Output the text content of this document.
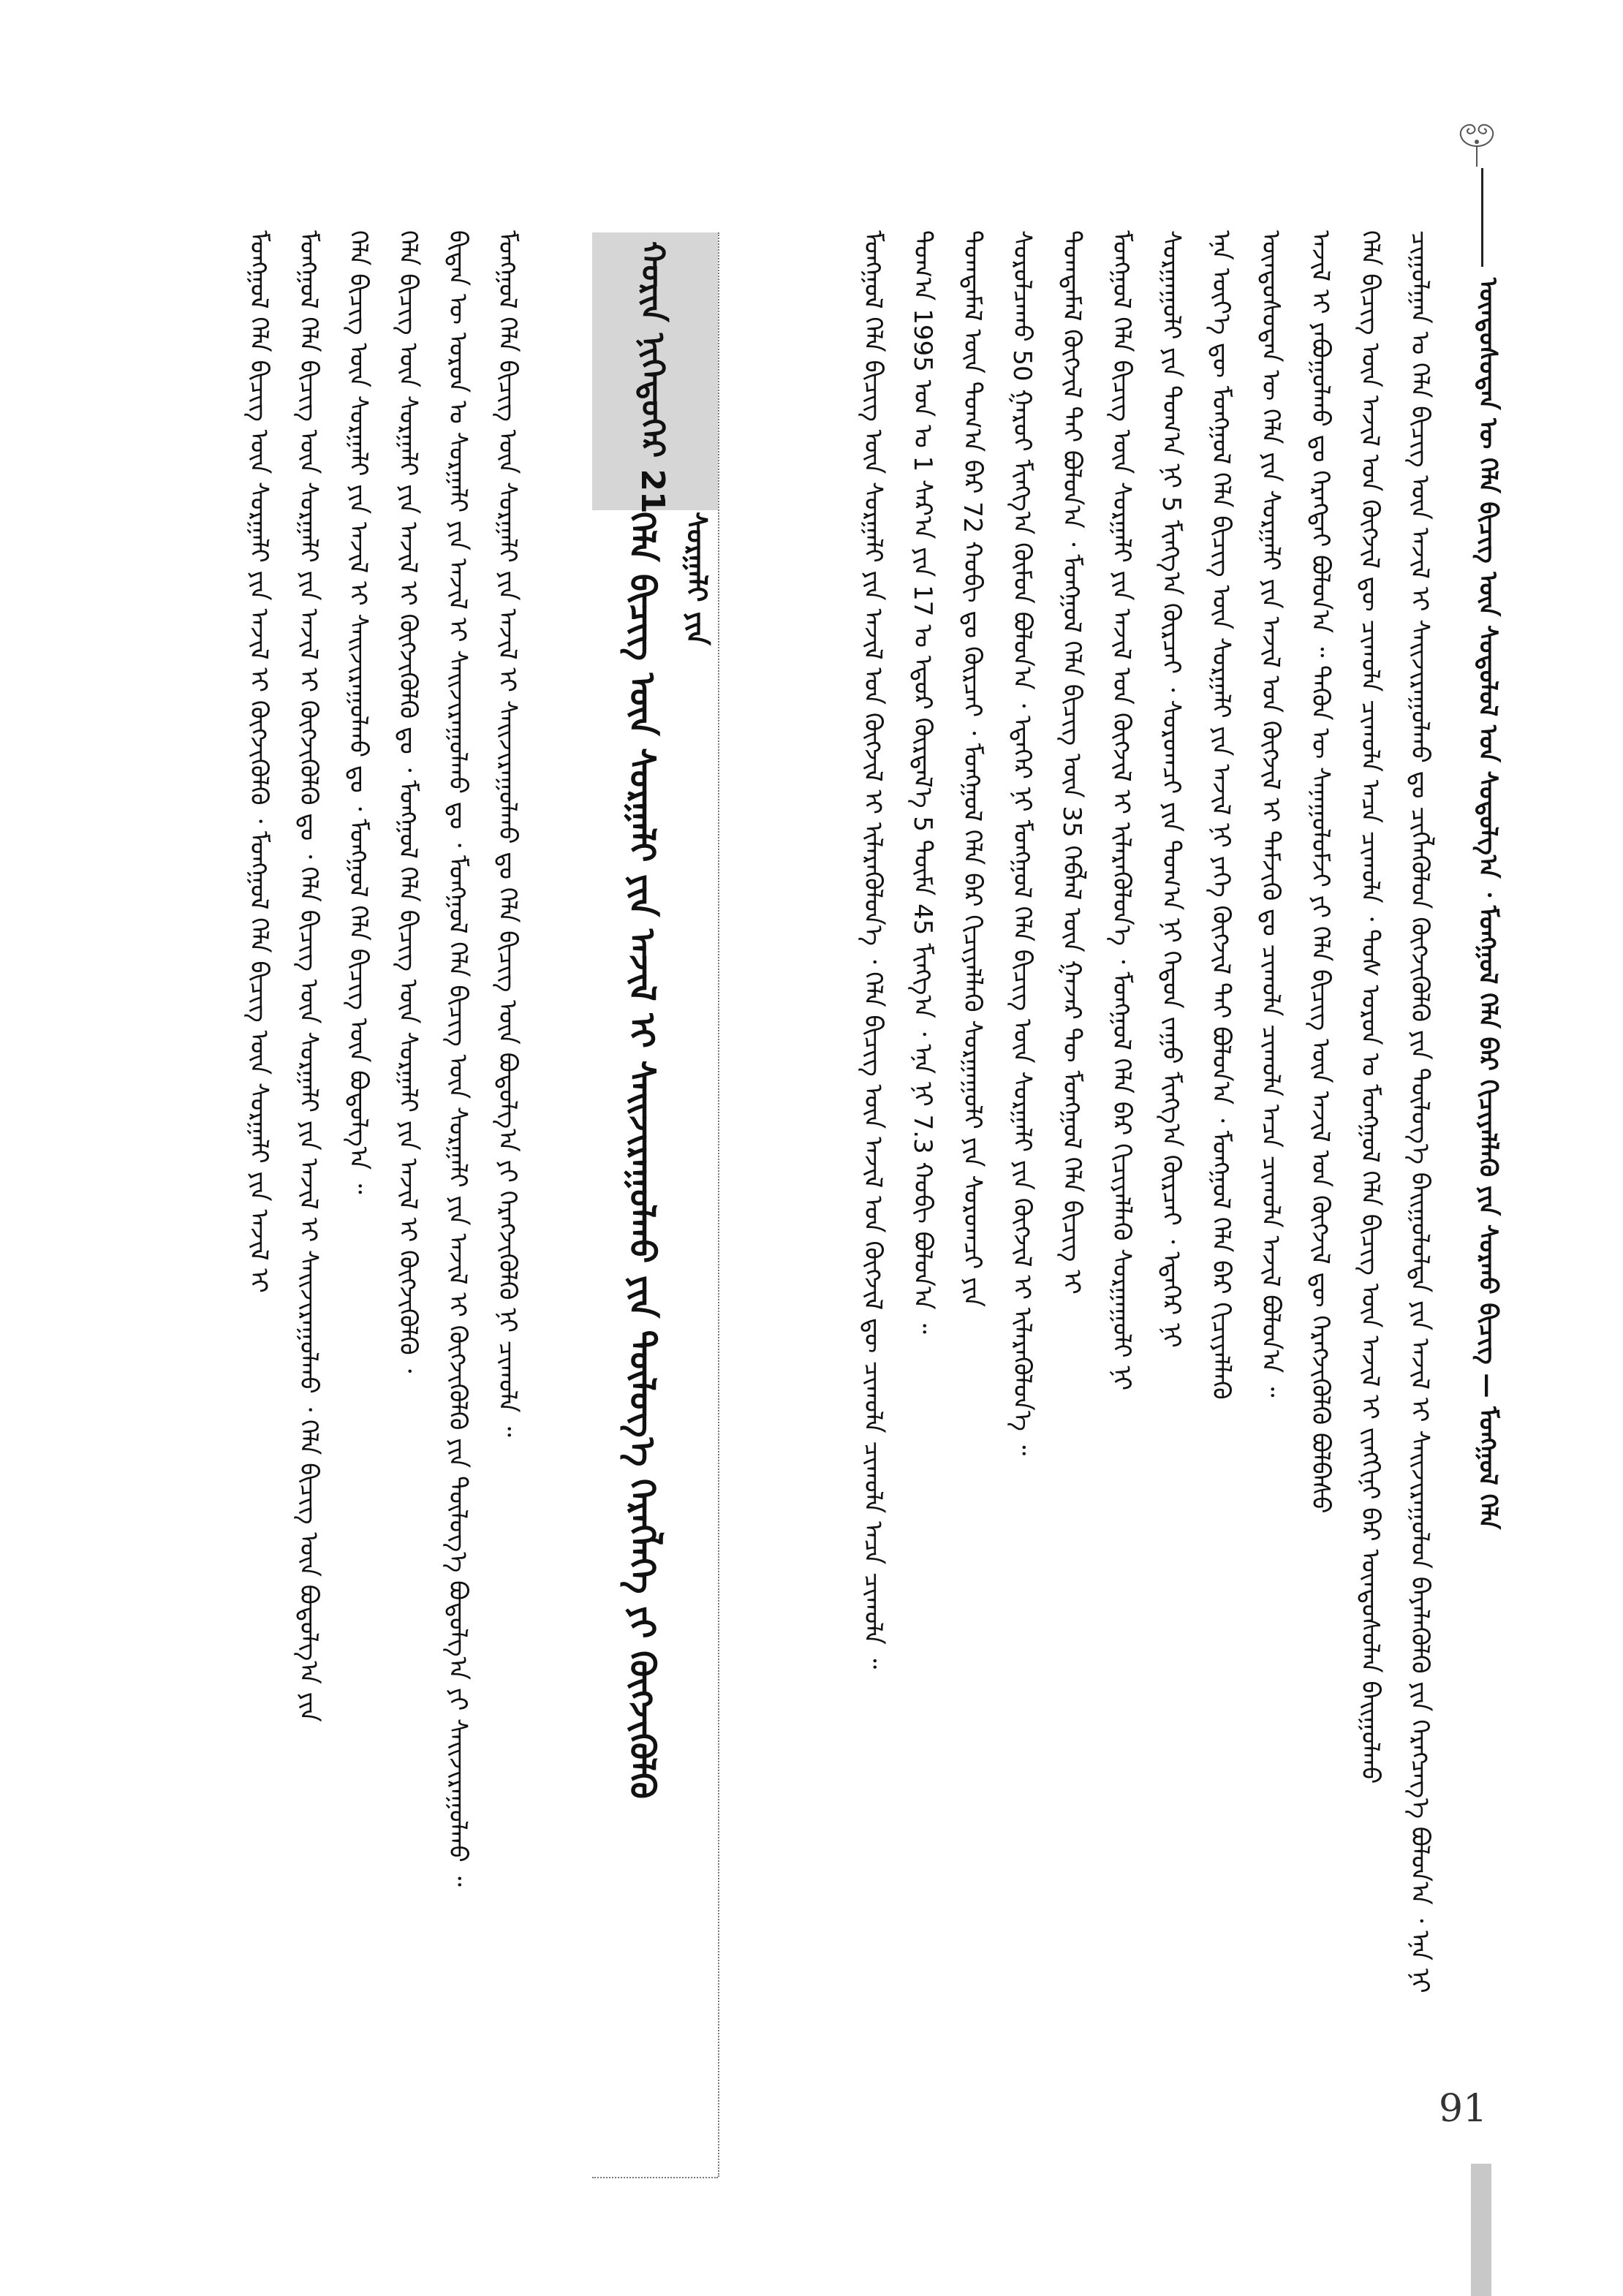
ᠦᠨᠳᠦᠰᠦᠲᠡᠨ ᠦ ᠬᠡᠯᠡ ᠪᠢᠴᠢᠭ᠌ ᠦᠨ ᠰᠤᠳᠤᠯᠤᠯ ᠤᠨ ᠰᠤᠳᠤᠯᠭ᠎ᠠ ᠂ ᠮᠣᠩᠭᠣᠯ ᠬᠡᠯᠡ ᠪᠡᠷ ᠬᠢᠴᠢᠶᠡᠯᠯᠡᠬᠦ ᠶᠢᠨ ᠰᠤᠷᠬᠤ ᠪᠢᠴᠢᠭ᠌ — ᠮᠣᠩᠭᠣᠯ ᠬᠡᠯᠡ
ᠴᠢᠭᠤᠯᠭᠠᠨ ᠤ ᠬᠡᠯᠡ ᠪᠢᠴᠢᠭ᠌ ᠦᠨ ᠠᠵᠢᠯ ᠢ ᠰᠠᠢᠵᠢᠷᠠᠭᠤᠯᠬᠤ ᠳᠤ ᠴᠢᠭᠯᠡᠭᠦᠯᠦᠨ ᠬᠥᠭᠵᠢᠭᠦᠯᠬᠦ ᠶᠢᠨ ᠲᠥᠯᠥᠭ᠎ᠡ ᠪᠠᠢᠭᠤᠯᠤᠯᠲᠠ ᠶᠢᠨ ᠠᠵᠢᠯ ᠢ ᠰᠠᠢᠵᠢᠷᠠᠭᠤᠯᠤᠨ ᠪᠡᠶᠡᠯᠡᠭᠦᠯᠬᠦ ᠶᠢᠨ ᠬᠡᠷᠡᠭᠴᠡᠭ᠎ᠡ ᠪᠣᠯᠤᠨ᠎ᠠ ᠂ ᠡᠨᠡ ᠨᠢ
ᠬᠡᠯᠡ ᠪᠢᠴᠢᠭ᠌ ᠦᠨ ᠠᠵᠢᠯ ᠤᠨ ᠬᠥᠭᠵᠢᠯ ᠳᠦ ᠴᠢᠬᠤᠯᠠ ᠴᠢᠬᠤᠯᠠ ᠠᠴᠠ ᠴᠢᠬᠤᠯᠠ ᠂ ᠲᠤᠰ ᠣᠷᠤᠨ ᠤ ᠮᠣᠩᠭᠣᠯ ᠬᠡᠯᠡ ᠪᠢᠴᠢᠭ᠌ ᠦᠨ ᠠᠵᠢᠯ ᠢ ᠵᠢᠩᠬᠢᠨᠢ ᠪᠡᠷ ᠦᠨᠳᠦᠰᠦᠯᠡᠨ ᠪᠠᠢᠭᠤᠯᠬᠤ
ᠠᠵᠢᠯ ᠢ ᠶᠠᠪᠤᠭᠤᠯᠬᠤ ᠳᠤ ᠬᠡᠷᠡᠭᠲᠡᠢ ᠪᠣᠯᠤᠨ᠎ᠠ ᠃ ᠲᠡᠭᠦᠨ ᠦ ᠰᠠᠨᠠᠭᠤᠯᠤᠮᠵᠢ ᠶᠢ ᠬᠡᠯᠡ ᠪᠢᠴᠢᠭ᠌ ᠦᠨ ᠠᠵᠢᠯ ᠤᠨ ᠬᠥᠭᠵᠢᠯ ᠳᠦ ᠬᠡᠷᠡᠭᠵᠢᠭᠦᠯᠬᠦ ᠪᠣᠯᠪᠠᠰᠤ
ᠦᠨᠳᠦᠰᠦᠲᠡᠨ ᠦ ᠬᠡᠯᠡ ᠶᠢᠨ ᠰᠤᠷᠭᠠᠯᠢ ᠶᠢᠨ ᠠᠵᠢᠯ ᠤᠨ ᠬᠥᠭᠵᠢᠯ ᠢ ᠳᠡᠮᠵᠢᠬᠦ ᠳᠤ ᠴᠢᠬᠤᠯᠠ ᠴᠢᠬᠤᠯᠠ ᠠᠴᠠ ᠴᠢᠬᠤᠯᠠ ᠠᠵᠢᠯ ᠪᠣᠯᠤᠨ᠎ᠠ ᠃
ᠡᠨᠡ ᠦᠶ᠎ᠡ ᠳᠦ ᠮᠣᠩᠭᠣᠯ ᠬᠡᠯᠡ ᠪᠢᠴᠢᠭ᠌ ᠦᠨ ᠰᠤᠷᠭᠠᠯᠢ ᠶᠢᠨ ᠠᠵᠢᠯ ᠨᠢ ᠶᠡᠬᠡ ᠬᠥᠭᠵᠢᠯ ᠲᠡᠢ ᠪᠣᠯᠤᠨ᠎ᠠ ᠂ ᠮᠣᠩᠭᠣᠯ ᠬᠡᠯᠡ ᠪᠡᠷ ᠬᠢᠴᠢᠶᠡᠯᠯᠡᠬᠦ
ᠰᠤᠷᠭᠠᠭᠤᠯᠢ ᠶᠢᠨ ᠲᠣᠭ᠎ᠠ ᠨᠢ 5 ᠮᠢᠩᠭ᠎ᠠ ᠬᠦᠷᠴᠡᠢ ᠂ ᠰᠤᠷᠤᠭᠴᠢ ᠶᠢᠨ ᠲᠣᠭ᠎ᠠ ᠨᠢ ᠬᠡᠳᠦᠨ ᠵᠠᠭᠤ ᠮᠢᠩᠭ᠎ᠠ ᠬᠦᠷᠴᠡᠢ ᠂ ᠡᠳᠡᠭᠡᠷ ᠨᠢ
ᠮᠣᠩᠭᠣᠯ ᠬᠡᠯᠡ ᠪᠢᠴᠢᠭ᠌ ᠦᠨ ᠰᠤᠷᠭᠠᠯᠢ ᠶᠢᠨ ᠠᠵᠢᠯ ᠤᠨ ᠬᠥᠭᠵᠢᠯ ᠢ ᠢᠯᠡᠷᠡᠭᠦᠯᠦᠨ᠎ᠡ ᠂ ᠮᠣᠩᠭᠣᠯ ᠬᠡᠯᠡ ᠪᠡᠷ ᠬᠢᠴᠢᠶᠡᠯᠯᠡᠬᠦ ᠰᠤᠷᠭᠠᠭᠤᠯᠢ ᠨᠢ
ᠲᠣᠭᠲᠠᠮᠠᠯ ᠬᠥᠭᠵᠢᠯ ᠲᠡᠢ ᠪᠣᠯᠤᠨ᠎ᠠ ᠂ ᠮᠣᠩᠭᠣᠯ ᠬᠡᠯᠡ ᠪᠢᠴᠢᠭ᠌ ᠦᠨ 35 ᠬᠡᠪᠯᠡᠯ ᠦᠨ ᠭᠠᠵᠠᠷ ᠲᠦ ᠮᠣᠩᠭᠣᠯ ᠬᠡᠯᠡ ᠪᠢᠴᠢᠭ᠌ ᠢ
ᠰᠤᠷᠤᠯᠴᠠᠬᠤ 50 ᠭᠠᠷᠤᠢ ᠮᠢᠩᠭ᠎ᠠ ᠬᠦᠮᠦᠨ ᠪᠣᠯᠤᠨ᠎ᠠ ᠂ ᠡᠳᠡᠭᠡᠷ ᠨᠢ ᠮᠣᠩᠭᠣᠯ ᠬᠡᠯᠡ ᠪᠢᠴᠢᠭ᠌ ᠦᠨ ᠰᠤᠷᠭᠠᠯᠢ ᠶᠢᠨ ᠬᠥᠭᠵᠢᠯ ᠢ ᠢᠯᠡᠷᠡᠭᠦᠯᠦᠨ᠎ᠡ ᠃
ᠲᠣᠭᠲᠠᠮᠠᠯ ᠦᠨ ᠲᠣᠭ᠎ᠠ ᠪᠠᠷ 72 ᠬᠤᠪᠢ ᠳᠤ ᠬᠦᠷᠴᠡᠢ ᠂ ᠮᠣᠩᠭᠣᠯ ᠬᠡᠯᠡ ᠪᠡᠷ ᠬᠢᠴᠢᠶᠡᠯᠯᠡᠬᠦ ᠰᠤᠷᠭᠠᠭᠤᠯᠢ ᠶᠢᠨ ᠰᠤᠷᠤᠭᠴᠢ ᠶᠢᠨ
ᠲᠣᠭ᠎ᠠ 1995 ᠣᠨ ᠤ 1 ᠰᠠᠷ᠎ᠠ ᠶᠢᠨ 17 ᠤ ᠡᠳᠦᠷ ᠬᠦᠷᠲᠡᠯ᠎ᠡ 5 ᠲᠦᠮᠡ 45 ᠮᠢᠩᠭ᠎ᠠ ᠂ ᠡᠨᠡ ᠨᠢ 7.3 ᠬᠤᠪᠢ ᠪᠣᠯᠤᠨ᠎ᠠ ᠃
ᠮᠣᠩᠭᠣᠯ ᠬᠡᠯᠡ ᠪᠢᠴᠢᠭ᠌ ᠦᠨ ᠰᠤᠷᠭᠠᠯᠢ ᠶᠢᠨ ᠠᠵᠢᠯ ᠤᠨ ᠬᠥᠭᠵᠢᠯ ᠢ ᠢᠯᠡᠷᠡᠭᠦᠯᠦᠨ᠎ᠡ ᠂ ᠬᠡᠯᠡ ᠪᠢᠴᠢᠭ᠌ ᠦᠨ ᠠᠵᠢᠯ ᠤᠨ ᠬᠥᠭᠵᠢᠯ ᠳᠦ ᠴᠢᠬᠤᠯᠠ ᠴᠢᠬᠤᠯᠠ ᠠᠴᠠ ᠴᠢᠬᠤᠯᠠ ᠃
ᠬᠣᠷᠢᠨ ᠨᠢᠭᠡᠳᠦᠭᠡᠷ 21
ᠰᠤᠷᠭᠠᠯᠢ ᠶᠢᠨ
ᠬᠡᠯᠡ ᠪᠢᠴᠢᠭ᠌ ᠦᠨ ᠰᠤᠷᠭᠠᠯᠢ ᠶᠢᠨ ᠠᠵᠢᠯ ᠢ ᠰᠠᠢᠵᠢᠷᠠᠭᠤᠯᠬᠤ ᠶᠢᠨ ᠲᠥᠯᠥᠭ᠎ᠡ ᠬᠡᠷᠡᠭᠯᠡᠭᠡ ᠶᠢ ᠬᠥᠭᠵᠢᠭᠦᠯᠬᠦ
ᠮᠣᠩᠭᠣᠯ ᠬᠡᠯᠡ ᠪᠢᠴᠢᠭ᠌ ᠦᠨ ᠰᠤᠷᠭᠠᠯᠢ ᠶᠢᠨ ᠠᠵᠢᠯ ᠢ ᠰᠠᠢᠵᠢᠷᠠᠭᠤᠯᠬᠤ ᠳᠤ ᠬᠡᠯᠡ ᠪᠢᠴᠢᠭ᠌ ᠦᠨ ᠪᠣᠳᠤᠯᠭ᠎ᠠ ᠶᠢ ᠬᠡᠷᠡᠭᠵᠢᠭᠦᠯᠬᠦ ᠨᠢ ᠴᠢᠬᠤᠯᠠ ᠃
ᠪᠢᠳᠡᠨ ᠦ ᠣᠷᠤᠨ ᠤ ᠰᠤᠷᠭᠠᠯᠢ ᠶᠢᠨ ᠠᠵᠢᠯ ᠢ ᠰᠠᠢᠵᠢᠷᠠᠭᠤᠯᠬᠤ ᠳᠤ ᠂ ᠮᠣᠩᠭᠣᠯ ᠬᠡᠯᠡ ᠪᠢᠴᠢᠭ᠌ ᠦᠨ ᠰᠤᠷᠭᠠᠯᠢ ᠶᠢᠨ ᠠᠵᠢᠯ ᠢ ᠬᠥᠭᠵᠢᠭᠦᠯᠬᠦ ᠶᠢᠨ ᠲᠥᠯᠥᠭ᠎ᠡ ᠪᠣᠳᠤᠯᠭ᠎ᠠ ᠶᠢ ᠰᠠᠢᠵᠢᠷᠠᠭᠤᠯᠬᠤ ᠃
ᠬᠡᠯᠡ ᠪᠢᠴᠢᠭ᠌ ᠦᠨ ᠰᠤᠷᠭᠠᠯᠢ ᠶᠢᠨ ᠠᠵᠢᠯ ᠢ ᠬᠥᠭᠵᠢᠭᠦᠯᠬᠦ ᠳᠤ ᠂ ᠮᠣᠩᠭᠣᠯ ᠬᠡᠯᠡ ᠪᠢᠴᠢᠭ᠌ ᠦᠨ ᠰᠤᠷᠭᠠᠯᠢ ᠶᠢᠨ ᠠᠵᠢᠯ ᠢ ᠬᠥᠭᠵᠢᠭᠦᠯᠬᠦ ᠂
ᠬᠡᠯᠡ ᠪᠢᠴᠢᠭ᠌ ᠦᠨ ᠰᠤᠷᠭᠠᠯᠢ ᠶᠢᠨ ᠠᠵᠢᠯ ᠢ ᠰᠠᠢᠵᠢᠷᠠᠭᠤᠯᠬᠤ ᠳᠤ ᠂ ᠮᠣᠩᠭᠣᠯ ᠬᠡᠯᠡ ᠪᠢᠴᠢᠭ᠌ ᠦᠨ ᠪᠣᠳᠤᠯᠭ᠎ᠠ ᠃
ᠮᠣᠩᠭᠣᠯ ᠬᠡᠯᠡ ᠪᠢᠴᠢᠭ᠌ ᠦᠨ ᠰᠤᠷᠭᠠᠯᠢ ᠶᠢᠨ ᠠᠵᠢᠯ ᠢ ᠬᠥᠭᠵᠢᠭᠦᠯᠬᠦ ᠳᠤ ᠂ ᠬᠡᠯᠡ ᠪᠢᠴᠢᠭ᠌ ᠦᠨ ᠰᠤᠷᠭᠠᠯᠢ ᠶᠢᠨ ᠠᠵᠢᠯ ᠢ ᠰᠠᠢᠵᠢᠷᠠᠭᠤᠯᠬᠤ ᠂ ᠬᠡᠯᠡ ᠪᠢᠴᠢᠭ᠌ ᠦᠨ ᠪᠣᠳᠤᠯᠭ᠎ᠠ ᠶᠢᠨ
ᠮᠣᠩᠭᠣᠯ ᠬᠡᠯᠡ ᠪᠢᠴᠢᠭ᠌ ᠦᠨ ᠰᠤᠷᠭᠠᠯᠢ ᠶᠢᠨ ᠠᠵᠢᠯ ᠢ ᠬᠥᠭᠵᠢᠭᠦᠯᠬᠦ ᠂ ᠮᠣᠩᠭᠣᠯ ᠬᠡᠯᠡ ᠪᠢᠴᠢᠭ᠌ ᠦᠨ ᠰᠤᠷᠭᠠᠯᠢ ᠶᠢᠨ ᠠᠵᠢᠯ ᠢ
91
